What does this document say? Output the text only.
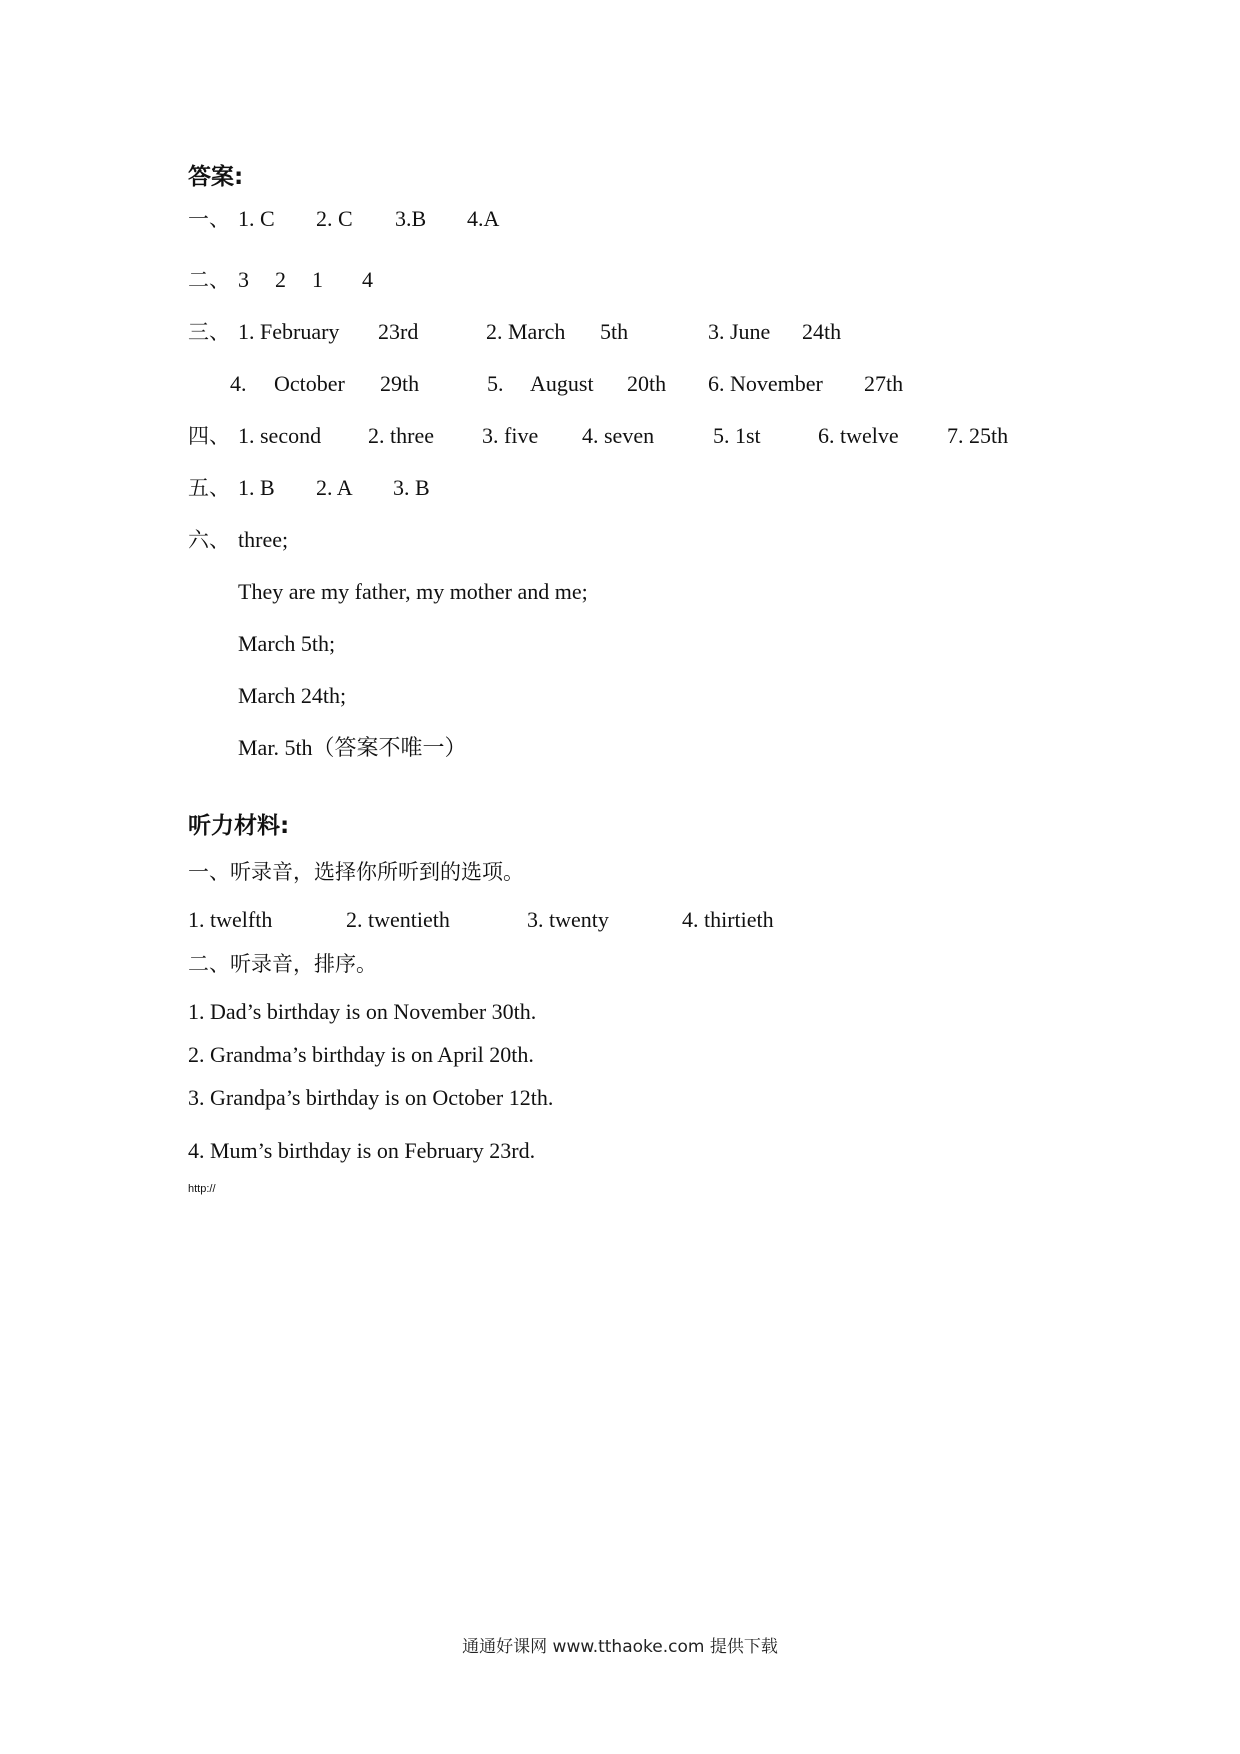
答案:
一、 1. C 2. C 3.B 4.A
二、 3 2 1 4
三、 1. February 23rd	2. March 5th	3. June 24th
4. October 29th	5. August 20th 6. November 27th
四、 1. second 2. three 3. five 4. seven	5. 1st	6. twelve 7. 25th
五、 1. B 2. A 3. B
六、 three;
They are my father, my mother and me;
March 5th;
March 24th;
Mar. 5th（答案不唯一）
听力材料:
一、听录音，选择你所听到的选项。
1. twelfth	2. twentieth	3. twenty	4. thirtieth
二、听录音，排序。
1. Dad’s birthday is on November 30th.
2. Grandma’s birthday is on April 20th.
3. Grandpa’s birthday is on October 12th.
4. Mum’s birthday is on February 23rd.
http://
通通好课网 www.tthaoke.com 提供下载
